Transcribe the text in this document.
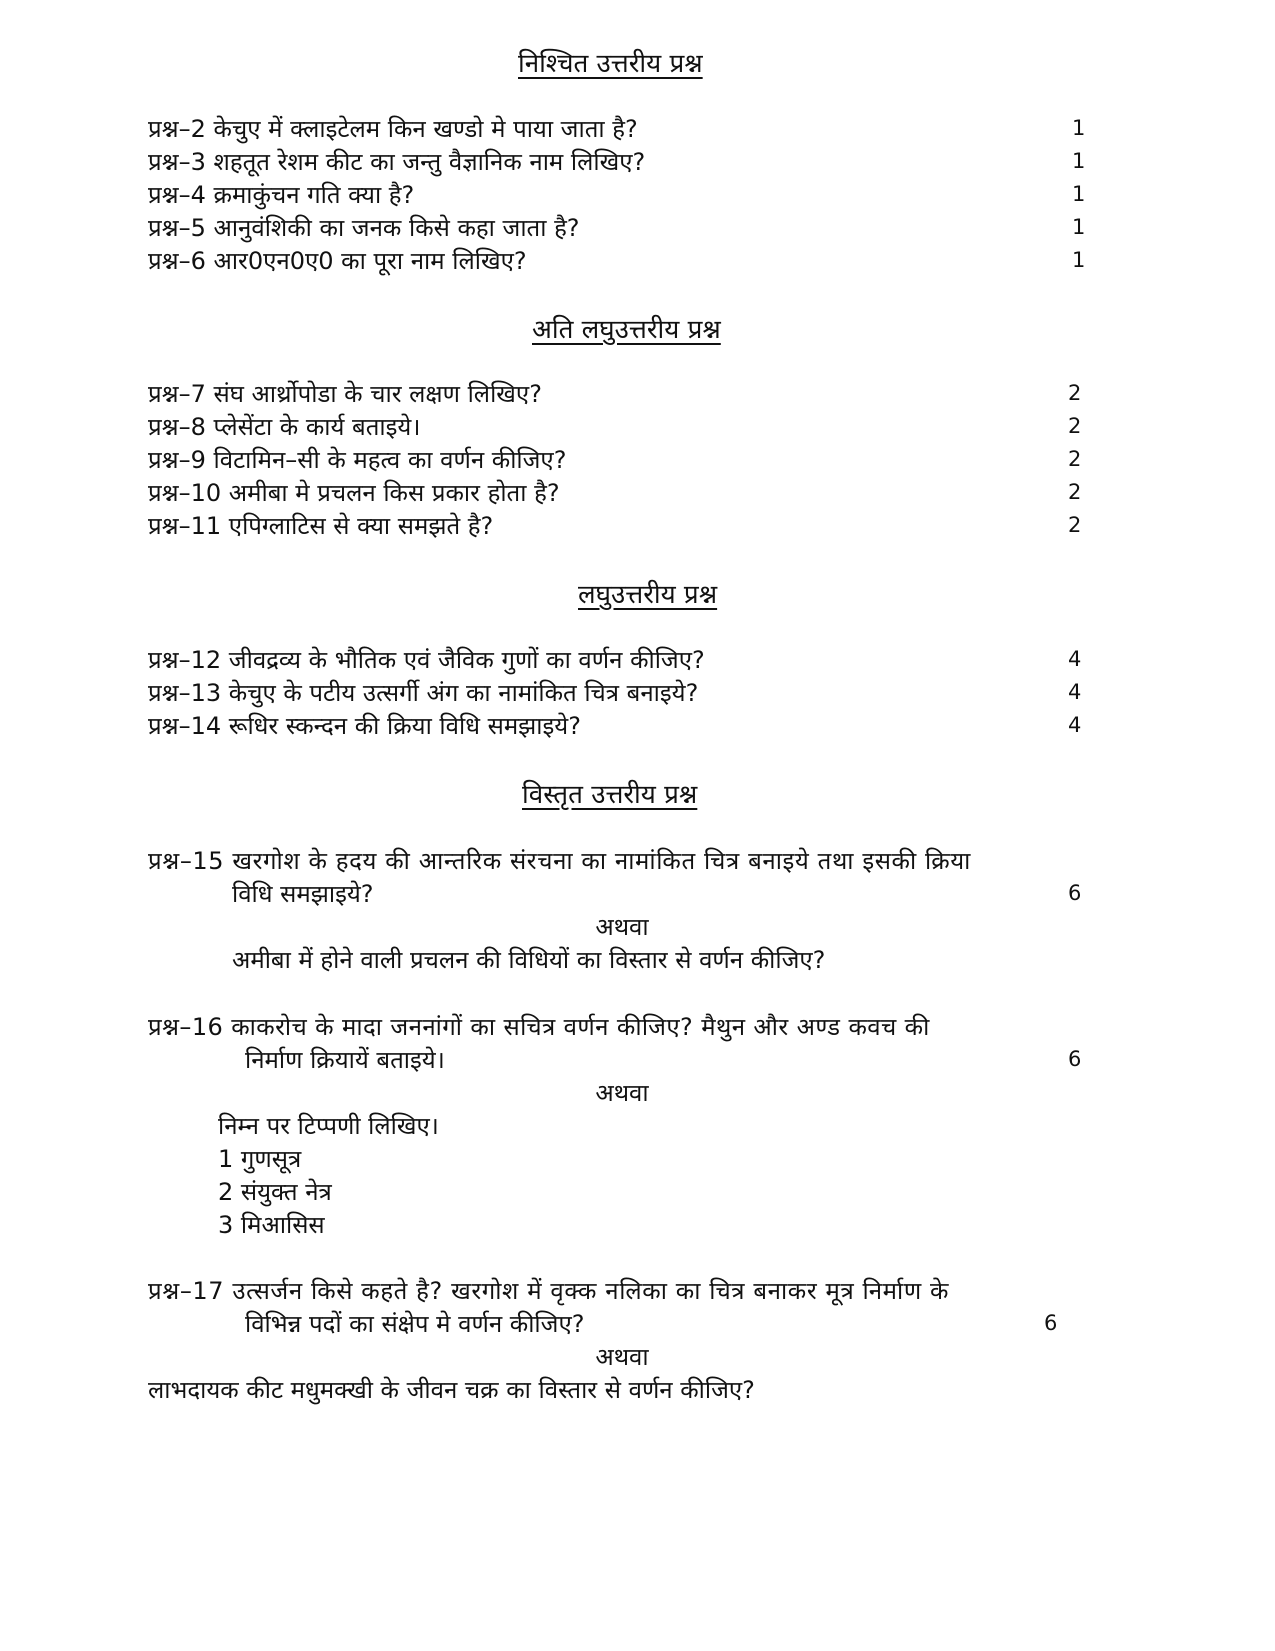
निश्चित उत्तरीय प्रश्न
प्रश्न–2 केचुए में क्लाइटेलम किन खण्डो मे पाया जाता है?	1
प्रश्न–3 शहतूत रेशम कीट का जन्तु वैज्ञानिक नाम लिखिए?	1
प्रश्न–4 क्रमाकुंचन गति क्या है?	1
प्रश्न–5 आनुवंशिकी का जनक किसे कहा जाता है?	1
प्रश्न–6 आर0एन0ए0 का पूरा नाम लिखिए?	1
अति लघुउत्तरीय प्रश्न
प्रश्न–7 संघ आर्थ्रोपोडा के चार लक्षण लिखिए?	2
प्रश्न–8 प्लेसेंटा के कार्य बताइये।	2
प्रश्न–9 विटामिन–सी के महत्व का वर्णन कीजिए?	2
प्रश्न–10 अमीबा मे प्रचलन किस प्रकार होता है?	2
प्रश्न–11 एपिग्लाटिस से क्या समझते है?	2
लघुउत्तरीय प्रश्न
प्रश्न–12 जीवद्रव्य के भौतिक एवं जैविक गुणों का वर्णन कीजिए?	4
प्रश्न–13 केचुए के पटीय उत्सर्गी अंग का नामांकित चित्र बनाइये?	4
प्रश्न–14 रूधिर स्कन्दन की क्रिया विधि समझाइये?	4
विस्तृत उत्तरीय प्रश्न
प्रश्न–15 खरगोश के हदय की आन्तरिक संरचना का नामांकित चित्र बनाइये तथा इसकी क्रिया
विधि समझाइये?	6
अथवा
अमीबा में होने वाली प्रचलन की विधियों का विस्तार से वर्णन कीजिए?
प्रश्न–16 काकरोच के मादा जननांगों का सचित्र वर्णन कीजिए? मैथुन और अण्ड कवच की
निर्माण क्रियायें बताइये।	6
अथवा
निम्न पर टिप्पणी लिखिए।
1 गुणसूत्र
2 संयुक्त नेत्र
3 मिआसिस
प्रश्न–17 उत्सर्जन किसे कहते है? खरगोश में वृक्क नलिका का चित्र बनाकर मूत्र निर्माण के
विभिन्न पदों का संक्षेप मे वर्णन कीजिए?	6
अथवा
लाभदायक कीट मधुमक्खी के जीवन चक्र का विस्तार से वर्णन कीजिए?
